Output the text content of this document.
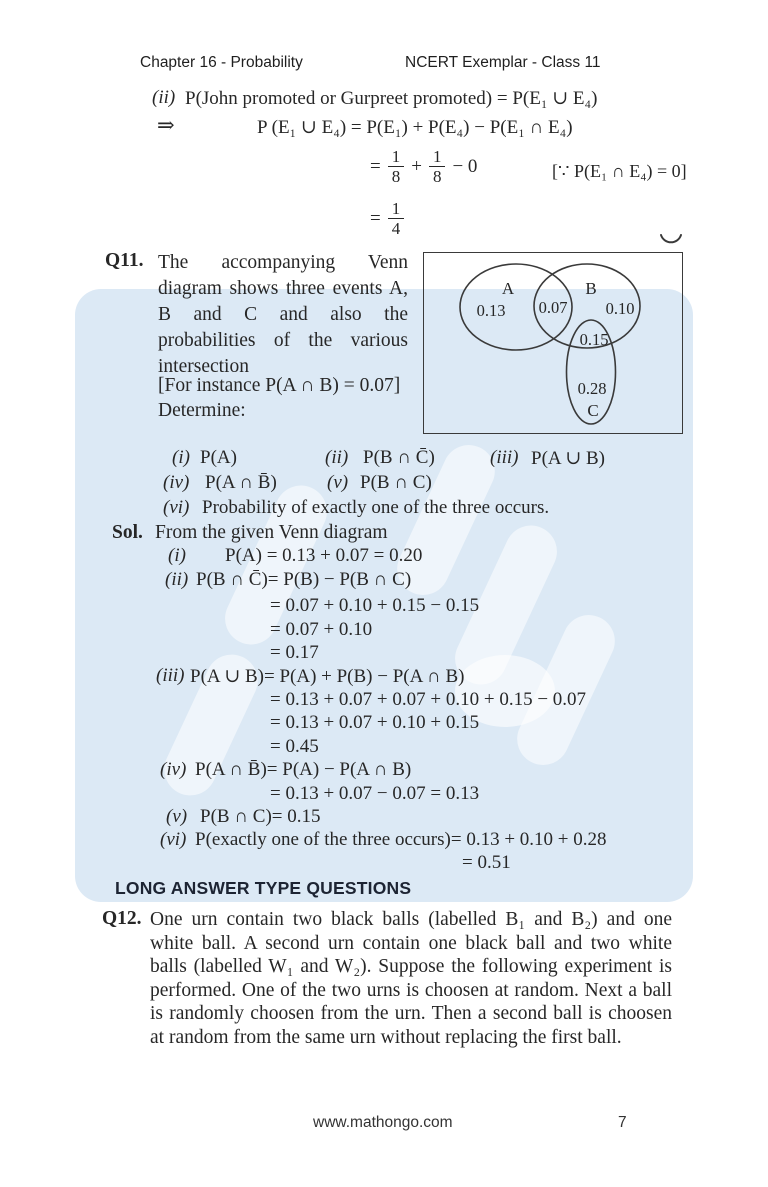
Chapter 16 - Probability	NCERT Exemplar - Class 11
(ii) P(John promoted or Gurpreet promoted) = P(E₁ ∪ E₄)
⇒	P (E₁ ∪ E₄) = P(E₁) + P(E₄) − P(E₁ ∩ E₄)
= $\frac{1}{8} + \frac{1}{8} - 0$	[∵ P(E₁ ∩ E₄) = 0]
= $\frac{1}{4}$
Q11. The accompanying Venn diagram shows three events A, B and C and also the probabilities of the various intersection
[For instance P(A ∩ B) = 0.07]
Determine:
A	B
0.13 0.07 0.10
0.15
0.28
C
(i) P(A)	(ii) P(B ∩ C̄)	(iii) P(A ∪ B)
(iv) P(A ∩ B̄)	(v) P(B ∩ C)
(vi) Probability of exactly one of the three occurs.
Sol. From the given Venn diagram
(i) P(A) = 0.13 + 0.07 = 0.20
(ii) P(B ∩ C̄)= P(B) − P(B ∩ C)
= 0.07 + 0.10 + 0.15 − 0.15
= 0.07 + 0.10
= 0.17
(iii) P(A ∪ B)= P(A) + P(B) − P(A ∩ B)
= 0.13 + 0.07 + 0.07 + 0.10 + 0.15 − 0.07
= 0.13 + 0.07 + 0.10 + 0.15
= 0.45
(iv) P(A ∩ B̄)= P(A) − P(A ∩ B)
= 0.13 + 0.07 − 0.07 = 0.13
(v) P(B ∩ C)= 0.15
(vi) P(exactly one of the three occurs)= 0.13 + 0.10 + 0.28
= 0.51
LONG ANSWER TYPE QUESTIONS
Q12. One urn contain two black balls (labelled B₁ and B₂) and one white ball. A second urn contain one black ball and two white balls (labelled W₁ and W₂). Suppose the following experiment is performed. One of the two urns is choosen at random. Next a ball is randomly choosen from the urn. Then a second ball is choosen at random from the same urn without replacing the first ball.
www.mathongo.com	7
